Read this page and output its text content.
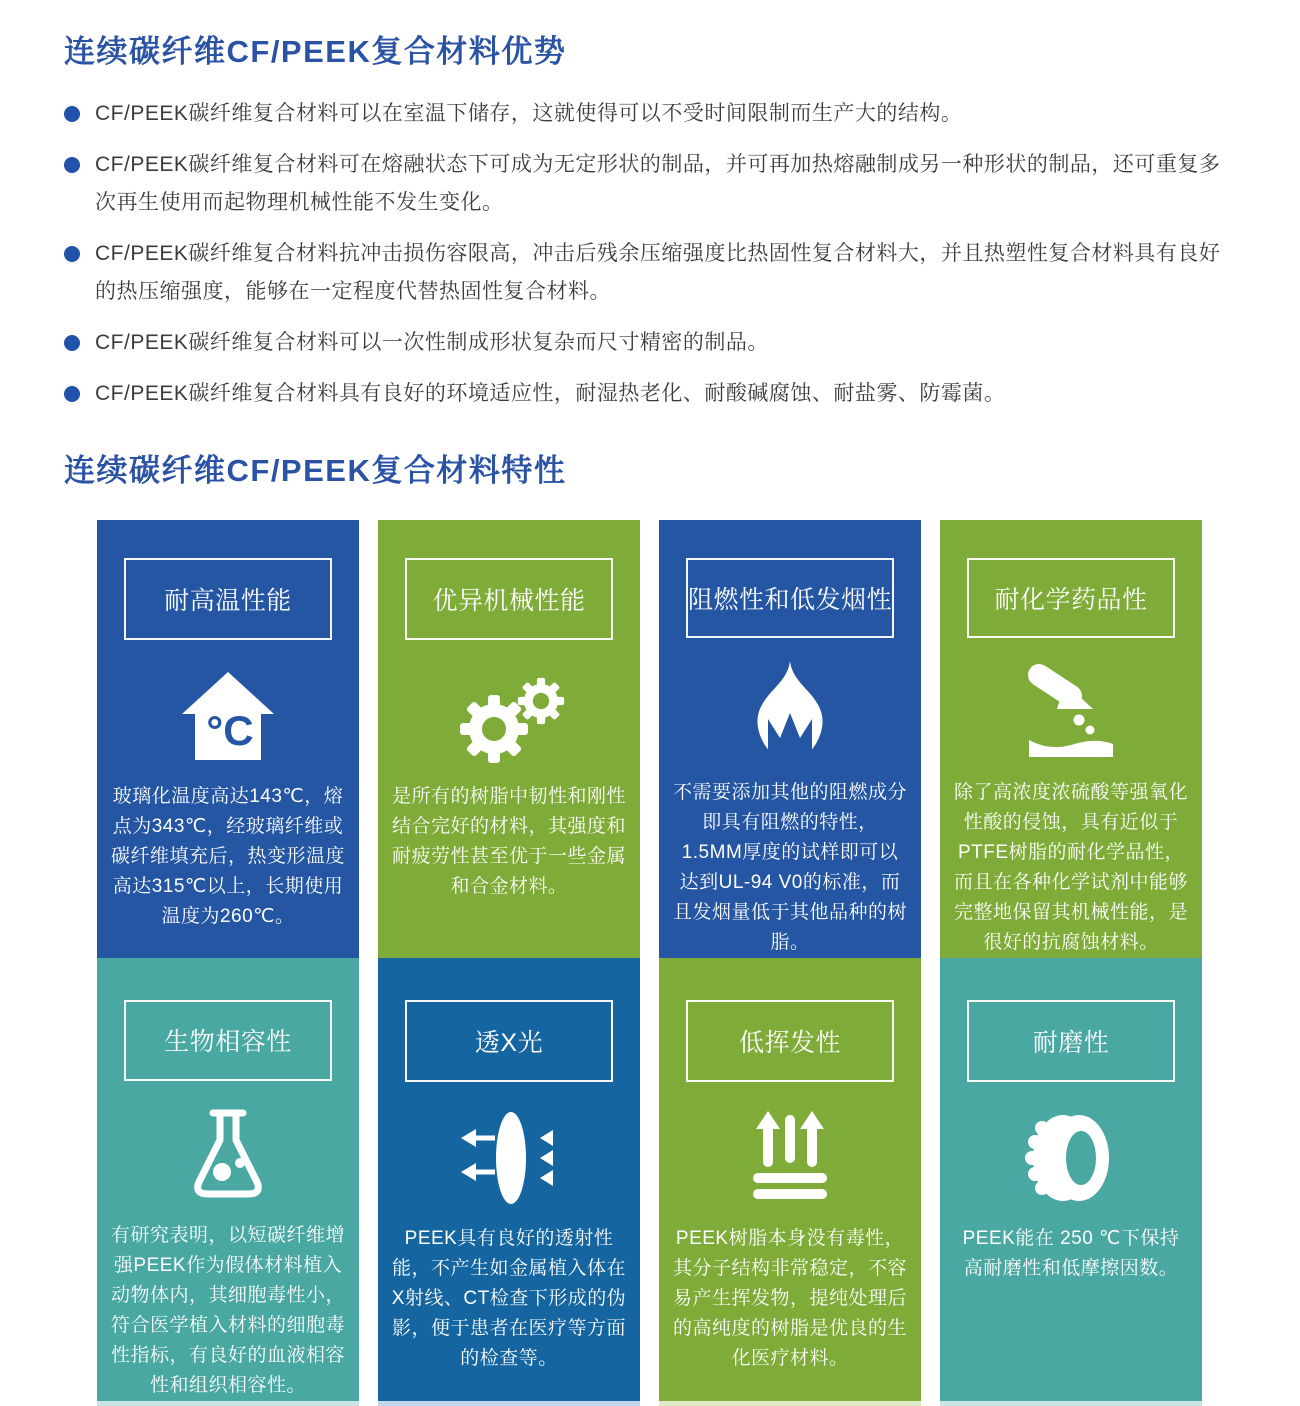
连续碳纤维CF/PEEK复合材料优势
CF/PEEK碳纤维复合材料可以在室温下储存，这就使得可以不受时间限制而生产大的结构。
CF/PEEK碳纤维复合材料可在熔融状态下可成为无定形状的制品，并可再加热熔融制成另一种形状的制品，还可重复多次再生使用而起物理机械性能不发生变化。
CF/PEEK碳纤维复合材料抗冲击损伤容限高，冲击后残余压缩强度比热固性复合材料大，并且热塑性复合材料具有良好的热压缩强度，能够在一定程度代替热固性复合材料。
CF/PEEK碳纤维复合材料可以一次性制成形状复杂而尺寸精密的制品。
CF/PEEK碳纤维复合材料具有良好的环境适应性，耐湿热老化、耐酸碱腐蚀、耐盐雾、防霉菌。
连续碳纤维CF/PEEK复合材料特性
耐高温性能
°C

玻璃化温度高达143℃，熔点为343℃，经玻璃纤维或碳纤维填充后，热变形温度高达315℃以上，长期使用温度为260℃。

生物相容性

有研究表明，以短碳纤维增强PEEK作为假体材料植入动物体内，其细胞毒性小，符合医学植入材料的细胞毒性指标，有良好的血液相容性和组织相容性。

优异机械性能

是所有的树脂中韧性和刚性结合完好的材料，其强度和耐疲劳性甚至优于一些金属和合金材料。

透X光

PEEK具有良好的透射性能，不产生如金属植入体在X射线、CT检查下形成的伪影，便于患者在医疗等方面的检查等。

阻燃性和低发烟性

不需要添加其他的阻燃成分即具有阻燃的特性，1.5MM厚度的试样即可以达到UL-94 V0的标准，而且发烟量低于其他品种的树脂。

低挥发性

PEEK树脂本身没有毒性，其分子结构非常稳定，不容易产生挥发物，提纯处理后的高纯度的树脂是优良的生化医疗材料。

耐化学药品性

除了高浓度浓硫酸等强氧化性酸的侵蚀，具有近似于PTFE树脂的耐化学品性，而且在各种化学试剂中能够完整地保留其机械性能，是很好的抗腐蚀材料。

耐磨性

PEEK能在 250 ℃下保持高耐磨性和低摩擦因数。
